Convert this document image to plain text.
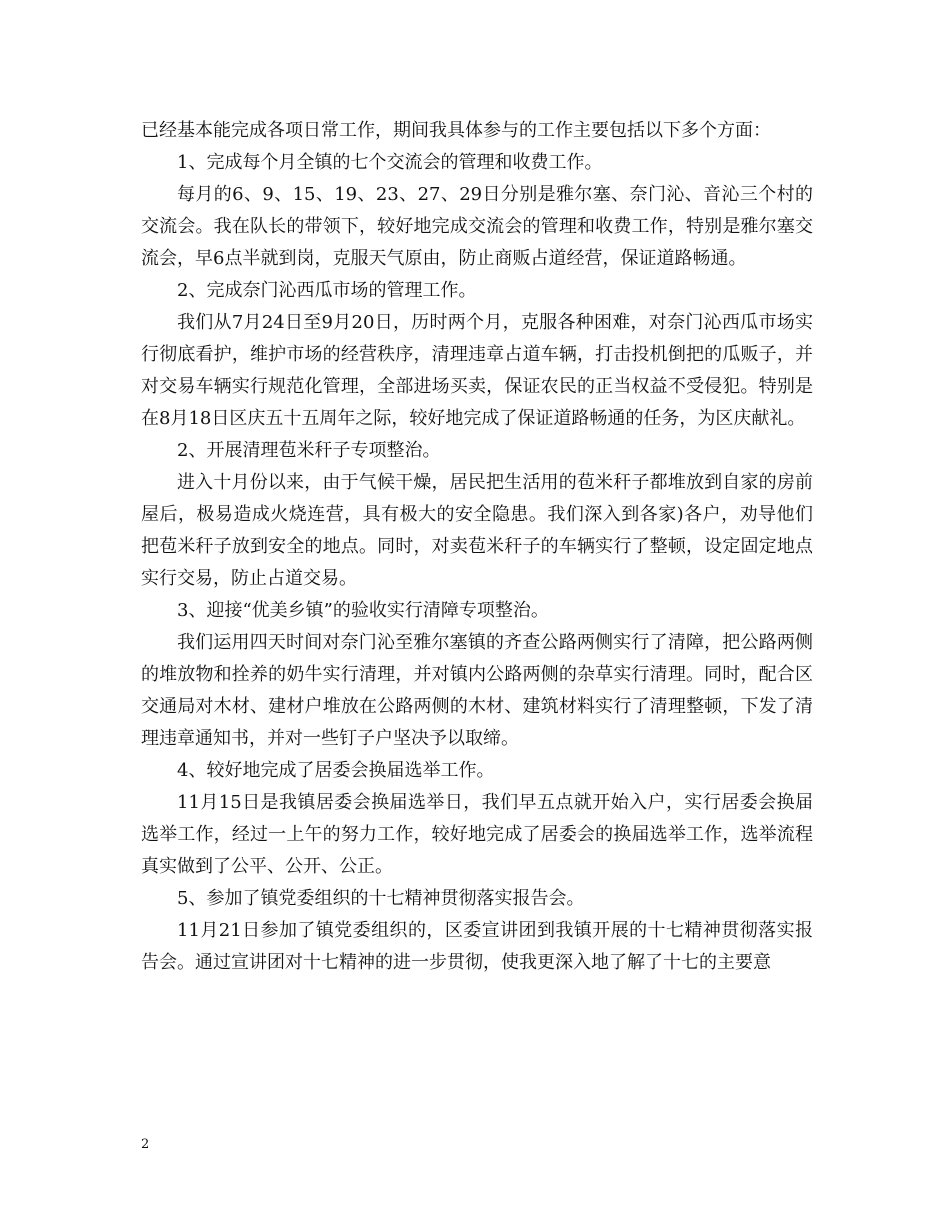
已经基本能完成各项日常工作，期间我具体参与的工作主要包括以下多个方面：

1、完成每个月全镇的七个交流会的管理和收费工作。

每月的6、9、15、19、23、27、29日分别是雅尔塞、奈门沁、音沁三个村的交流会。我在队长的带领下，较好地完成交流会的管理和收费工作，特别是雅尔塞交流会，早6点半就到岗，克服天气原由，防止商贩占道经营，保证道路畅通。

2、完成奈门沁西瓜市场的管理工作。

我们从7月24日至9月20日，历时两个月，克服各种困难，对奈门沁西瓜市场实行彻底看护，维护市场的经营秩序，清理违章占道车辆，打击投机倒把的瓜贩子，并对交易车辆实行规范化管理，全部进场买卖，保证农民的正当权益不受侵犯。特别是在8月18日区庆五十五周年之际，较好地完成了保证道路畅通的任务，为区庆献礼。

2、开展清理苞米秆子专项整治。

进入十月份以来，由于气候干燥，居民把生活用的苞米秆子都堆放到自家的房前屋后，极易造成火烧连营，具有极大的安全隐患。我们深入到各家)各户，劝导他们把苞米秆子放到安全的地点。同时，对卖苞米秆子的车辆实行了整顿，设定固定地点实行交易，防止占道交易。

3、迎接“优美乡镇”的验收实行清障专项整治。

我们运用四天时间对奈门沁至雅尔塞镇的齐查公路两侧实行了清障，把公路两侧的堆放物和拴养的奶牛实行清理，并对镇内公路两侧的杂草实行清理。同时，配合区交通局对木材、建材户堆放在公路两侧的木材、建筑材料实行了清理整顿，下发了清理违章通知书，并对一些钉子户坚决予以取缔。

4、较好地完成了居委会换届选举工作。

11月15日是我镇居委会换届选举日，我们早五点就开始入户，实行居委会换届选举工作，经过一上午的努力工作，较好地完成了居委会的换届选举工作，选举流程真实做到了公平、公开、公正。

5、参加了镇党委组织的十七精神贯彻落实报告会。

11月21日参加了镇党委组织的，区委宣讲团到我镇开展的十七精神贯彻落实报告会。通过宣讲团对十七精神的进一步贯彻，使我更深入地了解了十七的主要意

2
